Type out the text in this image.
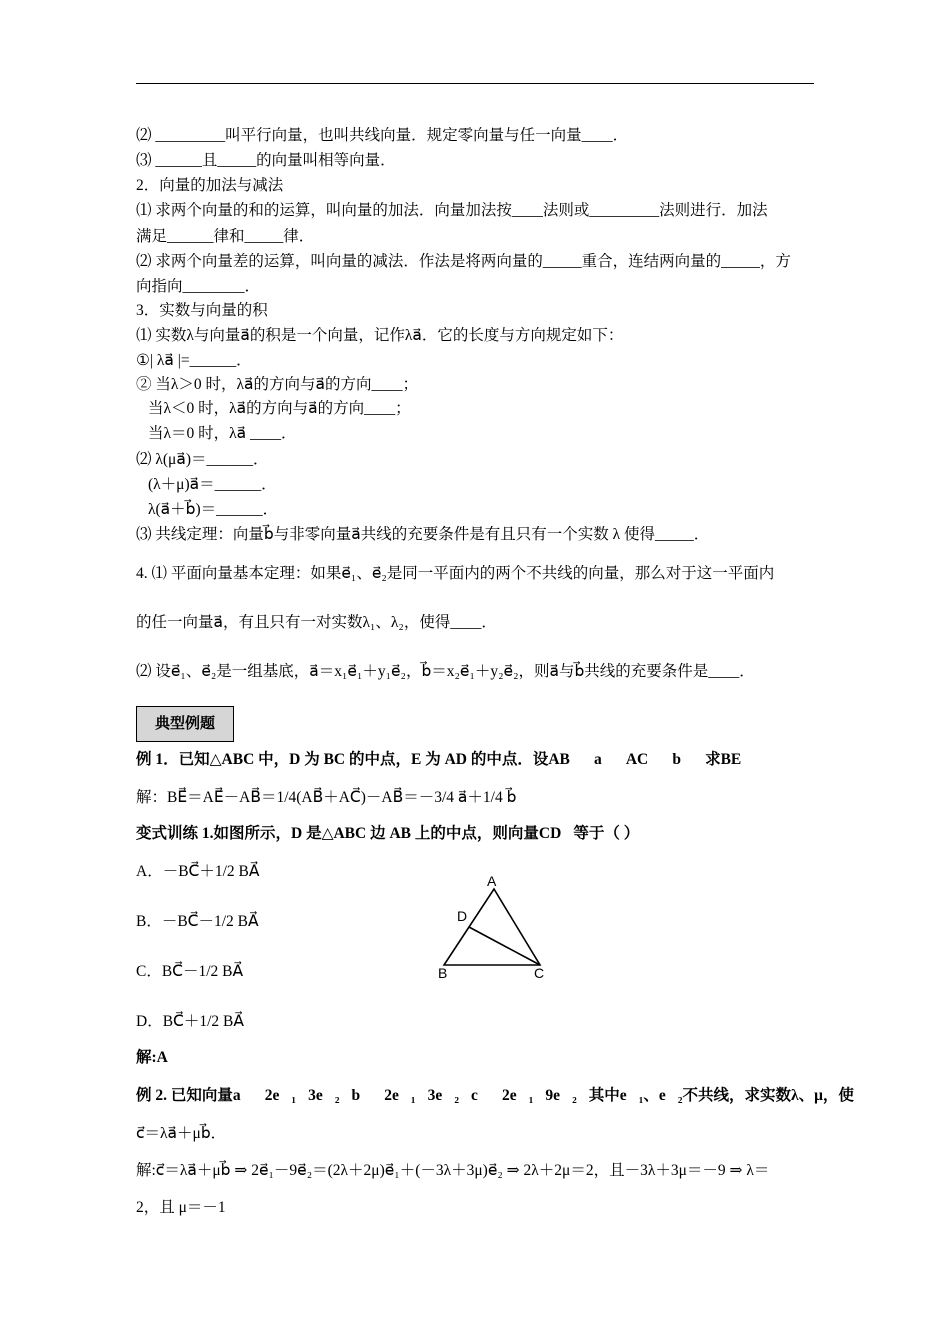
⑵ _________叫平行向量，也叫共线向量．规定零向量与任一向量____．
⑶ ______且_____的向量叫相等向量．
2．向量的加法与减法
⑴ 求两个向量的和的运算，叫向量的加法．向量加法按____法则或_________法则进行．加法
满足______律和_____律．
⑵ 求两个向量差的运算，叫向量的减法．作法是将两向量的_____重合，连结两向量的_____，方
向指向________．
3．实数与向量的积
⑴ 实数λ与向量a⃗的积是一个向量，记作λa⃗．它的长度与方向规定如下：
①| λa⃗ |=______．
② 当λ＞0 时，λa⃗的方向与a⃗的方向____；
当λ＜0 时，λa⃗的方向与a⃗的方向____；
当λ＝0 时，λa⃗ ____．
⑵ λ(μa⃗)＝______．
(λ＋μ)a⃗＝______．
λ(a⃗＋b⃗)＝______．
⑶ 共线定理：向量b⃗与非零向量a⃗共线的充要条件是有且只有一个实数 λ 使得_____．
4. ⑴ 平面向量基本定理：如果e⃗₁、e⃗₂是同一平面内的两个不共线的向量，那么对于这一平面内
的任一向量a⃗，有且只有一对实数λ₁、λ₂，使得____．
⑵ 设e⃗₁、e⃗₂是一组基底，a⃗＝x₁e⃗₁＋y₁e⃗₂，b⃗＝x₂e⃗₁＋y₂e⃗₂，则a⃗与b⃗共线的充要条件是____．
典型例题
例 1．已知△ABC 中，D 为 BC 的中点，E 为 AD 的中点．设AB⃗＝a⃗，AC⃗＝b⃗，求BE⃗．
解：BE⃗＝AE⃗－AB⃗＝1/4(AB⃗＋AC⃗)－AB⃗＝－3/4 a⃗＋1/4 b⃗
变式训练 1.如图所示，D 是△ABC 边 AB 上的中点，则向量CD⃗等于（ ）
A．－BC⃗＋1/2 BA⃗
B．－BC⃗－1/2 BA⃗
C．BC⃗－1/2 BA⃗
D．BC⃗＋1/2 BA⃗
A
D
B	C
解:A
例 2. 已知向量a⃗＝2e⃗₁－3e⃗₂，b⃗＝2e⃗₁＋3e⃗₂，c⃗＝2e⃗₁－9e⃗₂，其中e⃗₁、e⃗₂不共线，求实数λ、μ，使
c⃗＝λa⃗＋μb⃗．
解:c⃗＝λa⃗＋μb⃗ ⇒ 2e⃗₁－9e⃗₂＝(2λ＋2μ)e⃗₁＋(－3λ＋3μ)e⃗₂ ⇒ 2λ＋2μ＝2，且－3λ＋3μ＝－9 ⇒ λ＝
2，且 μ＝－1
